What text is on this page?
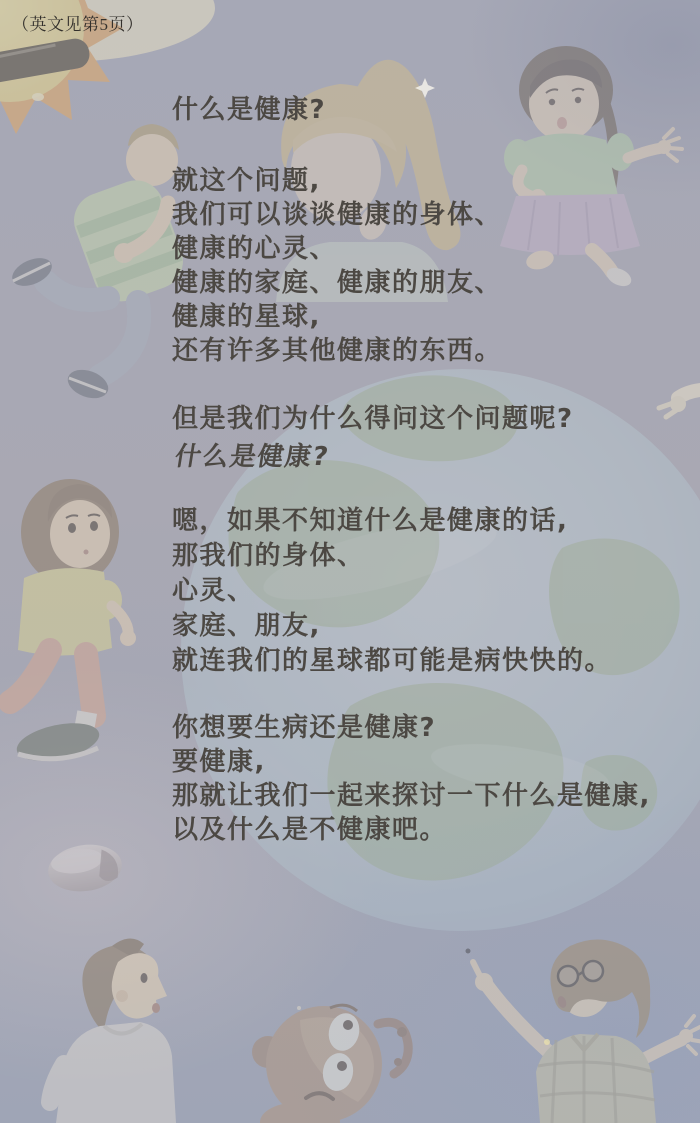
（英文见第5页）
什么是健康?
就这个问题,
我们可以谈谈健康的身体、
健康的心灵、
健康的家庭、健康的朋友、
健康的星球,
还有许多其他健康的东西。
但是我们为什么得问这个问题呢?
什么是健康?
嗯，如果不知道什么是健康的话,
那我们的身体、
心灵、
家庭、朋友,
就连我们的星球都可能是病快快的。
你想要生病还是健康?
要健康,
那就让我们一起来探讨一下什么是健康,
以及什么是不健康吧。
